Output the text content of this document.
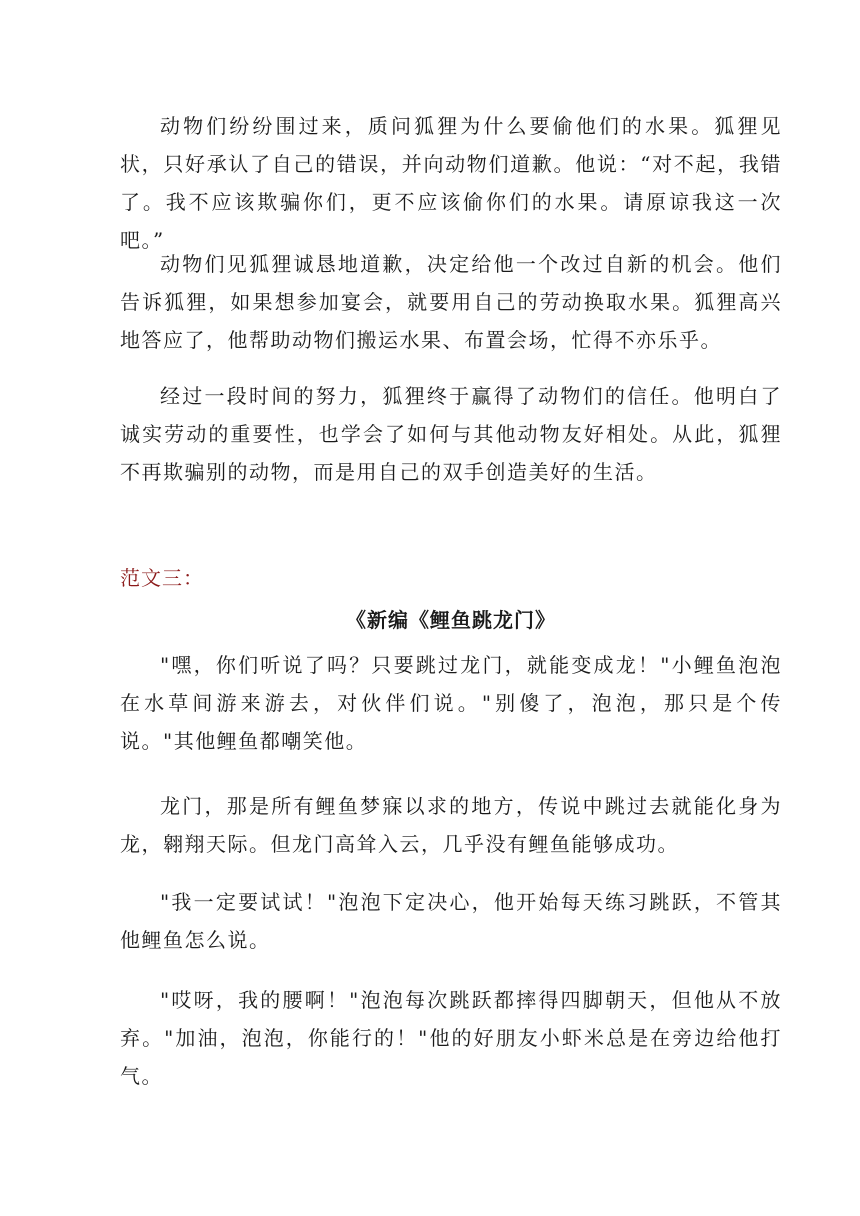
动物们纷纷围过来，质问狐狸为什么要偷他们的水果。狐狸见状，只好承认了自己的错误，并向动物们道歉。他说：“对不起，我错了。我不应该欺骗你们，更不应该偷你们的水果。请原谅我这一次吧。”

动物们见狐狸诚恳地道歉，决定给他一个改过自新的机会。他们告诉狐狸，如果想参加宴会，就要用自己的劳动换取水果。狐狸高兴地答应了，他帮助动物们搬运水果、布置会场，忙得不亦乐乎。

经过一段时间的努力，狐狸终于赢得了动物们的信任。他明白了诚实劳动的重要性，也学会了如何与其他动物友好相处。从此，狐狸不再欺骗别的动物，而是用自己的双手创造美好的生活。

范文三：

《新编《鲤鱼跳龙门》

"嘿，你们听说了吗？只要跳过龙门，就能变成龙！"小鲤鱼泡泡在水草间游来游去，对伙伴们说。"别傻了，泡泡，那只是个传说。"其他鲤鱼都嘲笑他。

龙门，那是所有鲤鱼梦寐以求的地方，传说中跳过去就能化身为龙，翱翔天际。但龙门高耸入云，几乎没有鲤鱼能够成功。

"我一定要试试！"泡泡下定决心，他开始每天练习跳跃，不管其他鲤鱼怎么说。

"哎呀，我的腰啊！"泡泡每次跳跃都摔得四脚朝天，但他从不放弃。"加油，泡泡，你能行的！"他的好朋友小虾米总是在旁边给他打气。
